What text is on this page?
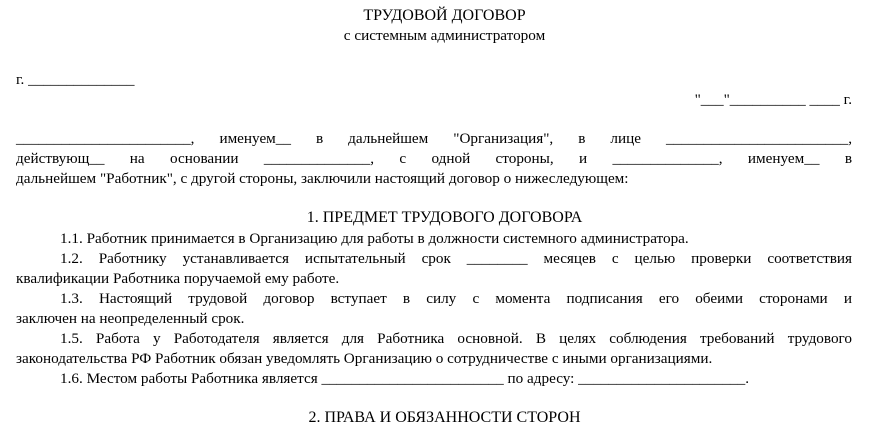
ТРУДОВОЙ ДОГОВОР
с системным администратором
г. ______________
"___"__________ ____ г.
_______________________, именуем__ в дальнейшем "Организация", в лице ________________________,
действующ__ на основании ______________, с одной стороны, и ______________, именуем__ в
дальнейшем "Работник", с другой стороны, заключили настоящий договор о нижеследующем:
1. ПРЕДМЕТ ТРУДОВОГО ДОГОВОРА
1.1. Работник принимается в Организацию для работы в должности системного администратора.
1.2. Работнику устанавливается испытательный срок ________ месяцев с целью проверки соответствия
квалификации Работника поручаемой ему работе.
1.3. Настоящий трудовой договор вступает в силу с момента подписания его обеими сторонами и
заключен на неопределенный срок.
1.5. Работа у Работодателя является для Работника основной. В целях соблюдения требований трудового
законодательства РФ Работник обязан уведомлять Организацию о сотрудничестве с иными организациями.
1.6. Местом работы Работника является ________________________ по адресу: ______________________.
2. ПРАВА И ОБЯЗАННОСТИ СТОРОН
